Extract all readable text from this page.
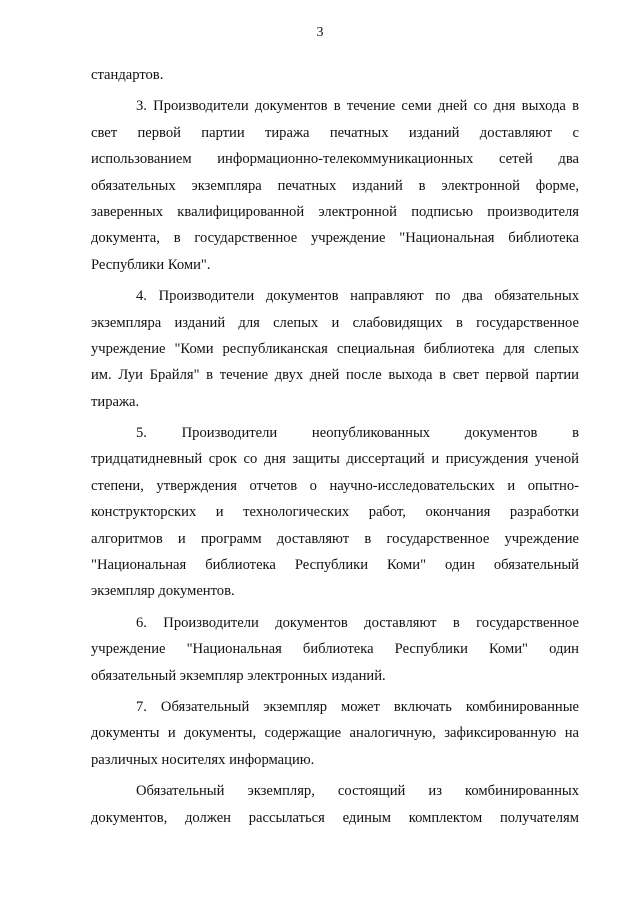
3
стандартов.
3. Производители документов в течение семи дней со дня выхода в
свет первой партии тиража печатных изданий доставляют с
использованием информационно-телекоммуникационных сетей два
обязательных экземпляра печатных изданий в электронной форме,
заверенных квалифицированной электронной подписью производителя
документа, в государственное учреждение "Национальная библиотека
Республики Коми".
4. Производители документов направляют по два обязательных
экземпляра изданий для слепых и слабовидящих в государственное
учреждение "Коми республиканская специальная библиотека для слепых
им. Луи Брайля" в течение двух дней после выхода в свет первой партии
тиража.
5. Производители неопубликованных документов в
тридцатидневный срок со дня защиты диссертаций и присуждения ученой
степени, утверждения отчетов о научно-исследовательских и опытно-
конструкторских и технологических работ, окончания разработки
алгоритмов и программ доставляют в государственное учреждение
"Национальная библиотека Республики Коми" один обязательный
экземпляр документов.
6. Производители документов доставляют в государственное
учреждение "Национальная библиотека Республики Коми" один
обязательный экземпляр электронных изданий.
7. Обязательный экземпляр может включать комбинированные
документы и документы, содержащие аналогичную, зафиксированную на
различных носителях информацию.
Обязательный экземпляр, состоящий из комбинированных
документов, должен рассылаться единым комплектом получателям
